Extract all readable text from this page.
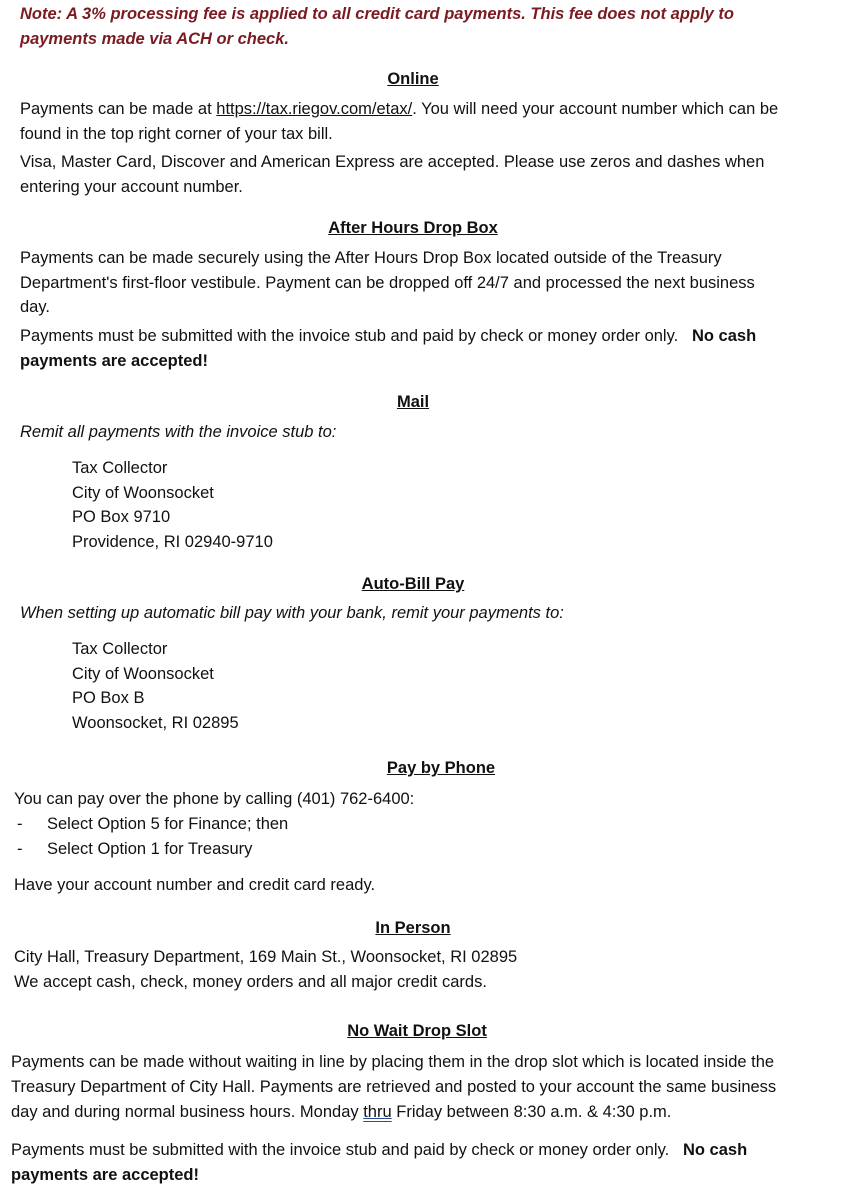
Note: A 3% processing fee is applied to all credit card payments. This fee does not apply to
payments made via ACH or check.
Online
Payments can be made at https://tax.riegov.com/etax/. You will need your account number which can be
found in the top right corner of your tax bill.
Visa, Master Card, Discover and American Express are accepted. Please use zeros and dashes when
entering your account number.
After Hours Drop Box
Payments can be made securely using the After Hours Drop Box located outside of the Treasury
Department's first-floor vestibule. Payment can be dropped off 24/7 and processed the next business
day.
Payments must be submitted with the invoice stub and paid by check or money order only. No cash
payments are accepted!
Mail
Remit all payments with the invoice stub to:
Tax Collector
City of Woonsocket
PO Box 9710
Providence, RI 02940-9710
Auto-Bill Pay
When setting up automatic bill pay with your bank, remit your payments to:
Tax Collector
City of Woonsocket
PO Box B
Woonsocket, RI 02895
Pay by Phone
You can pay over the phone by calling (401) 762-6400:
- Select Option 5 for Finance; then
- Select Option 1 for Treasury
Have your account number and credit card ready.
In Person
City Hall, Treasury Department, 169 Main St., Woonsocket, RI 02895
We accept cash, check, money orders and all major credit cards.
No Wait Drop Slot
Payments can be made without waiting in line by placing them in the drop slot which is located inside the
Treasury Department of City Hall. Payments are retrieved and posted to your account the same business
day and during normal business hours. Monday thru Friday between 8:30 a.m. & 4:30 p.m.
Payments must be submitted with the invoice stub and paid by check or money order only. No cash
payments are accepted!
